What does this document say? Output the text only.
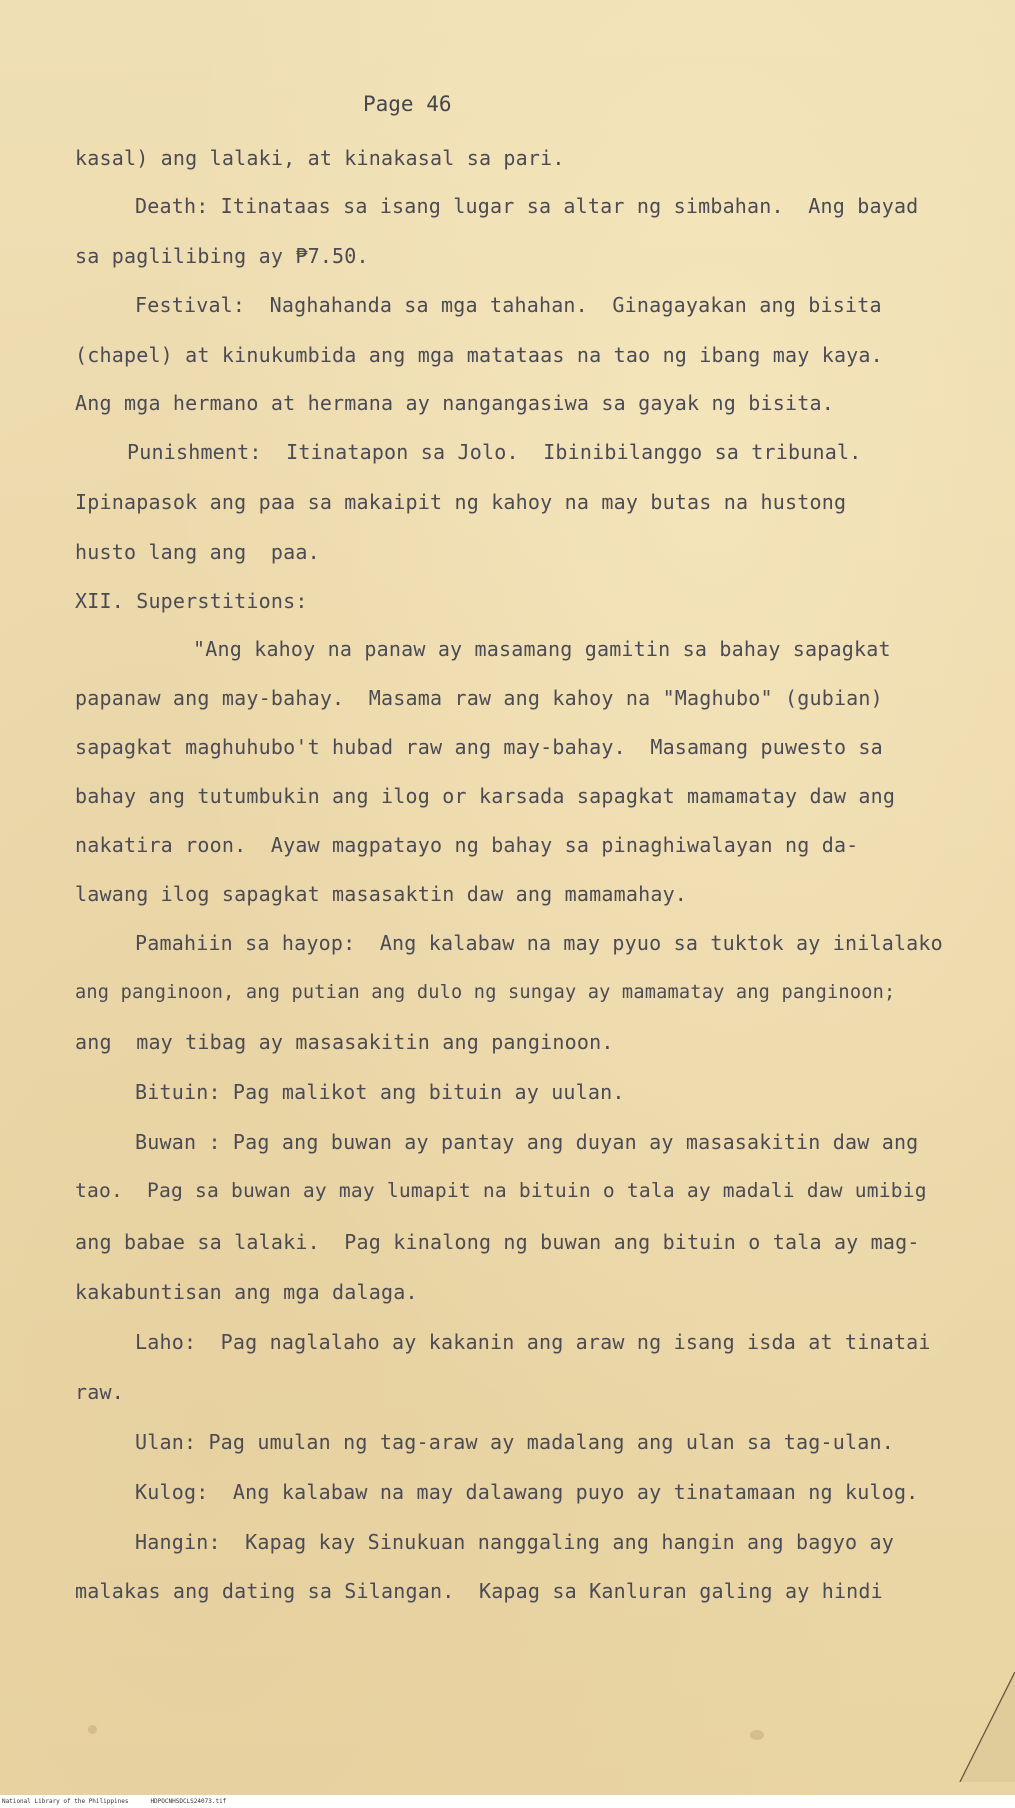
Page 46
kasal) ang lalaki, at kinakasal sa pari.
Death: Itinataas sa isang lugar sa altar ng simbahan.  Ang bayad
sa paglilibing ay ₱7.50.
Festival:  Naghahanda sa mga tahahan.  Ginagayakan ang bisita
(chapel) at kinukumbida ang mga matataas na tao ng ibang may kaya.
Ang mga hermano at hermana ay nangangasiwa sa gayak ng bisita.
Punishment:  Itinatapon sa Jolo.  Ibinibilanggo sa tribunal.
Ipinapasok ang paa sa makaipit ng kahoy na may butas na hustong
husto lang ang  paa.
XII. Superstitions:
"Ang kahoy na panaw ay masamang gamitin sa bahay sapagkat
papanaw ang may-bahay.  Masama raw ang kahoy na "Maghubo" (gubian)
sapagkat maghuhubo't hubad raw ang may-bahay.  Masamang puwesto sa
bahay ang tutumbukin ang ilog or karsada sapagkat mamamatay daw ang
nakatira roon.  Ayaw magpatayo ng bahay sa pinaghiwalayan ng da-
lawang ilog sapagkat masasaktin daw ang mamamahay.
Pamahiin sa hayop:  Ang kalabaw na may pyuo sa tuktok ay inilalako
ang panginoon, ang putian ang dulo ng sungay ay mamamatay ang panginoon;
ang  may tibag ay masasakitin ang panginoon.
Bituin: Pag malikot ang bituin ay uulan.
Buwan : Pag ang buwan ay pantay ang duyan ay masasakitin daw ang
tao.  Pag sa buwan ay may lumapit na bituin o tala ay madali daw umibig
ang babae sa lalaki.  Pag kinalong ng buwan ang bituin o tala ay mag-
kakabuntisan ang mga dalaga.
Laho:  Pag naglalaho ay kakanin ang araw ng isang isda at tinatai
raw.
Ulan: Pag umulan ng tag-araw ay madalang ang ulan sa tag-ulan.
Kulog:  Ang kalabaw na may dalawang puyo ay tinatamaan ng kulog.
Hangin:  Kapag kay Sinukuan nanggaling ang hangin ang bagyo ay
malakas ang dating sa Silangan.  Kapag sa Kanluran galing ay hindi
National Library of the Philippines	HDPOCNHSDCLS24073.tif
